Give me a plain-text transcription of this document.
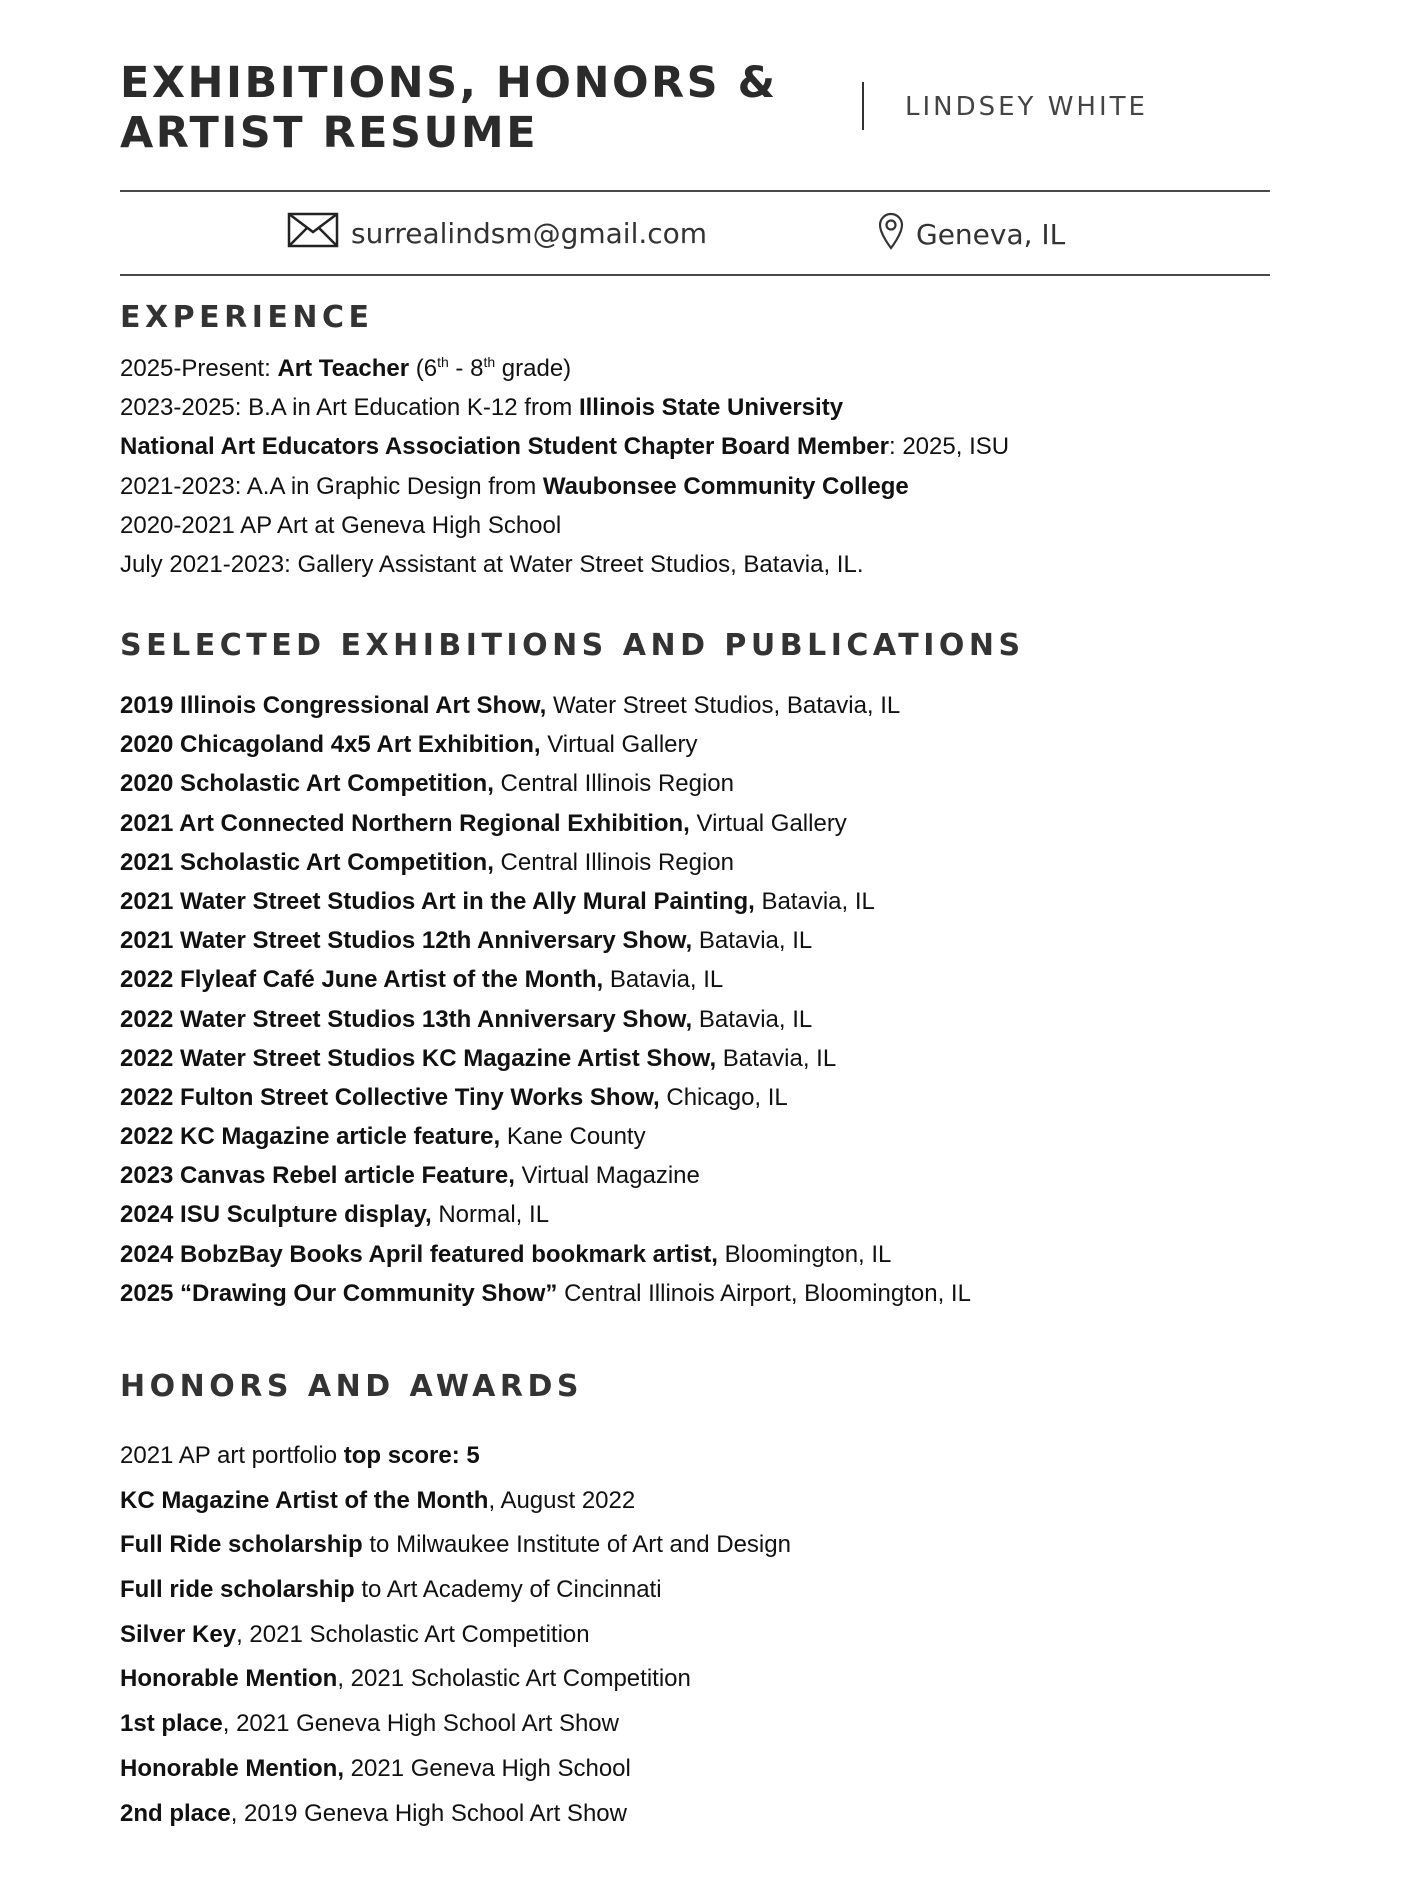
EXHIBITIONS, HONORS &
ARTIST RESUME
LINDSEY WHITE
surrealindsm@gmail.com	Geneva, IL
EXPERIENCE
2025-Present: Art Teacher (6th - 8th grade)
2023-2025: B.A in Art Education K-12 from Illinois State University
National Art Educators Association Student Chapter Board Member: 2025, ISU
2021-2023: A.A in Graphic Design from Waubonsee Community College
2020-2021 AP Art at Geneva High School
July 2021-2023: Gallery Assistant at Water Street Studios, Batavia, IL.
SELECTED EXHIBITIONS AND PUBLICATIONS
2019 Illinois Congressional Art Show, Water Street Studios, Batavia, IL
2020 Chicagoland 4x5 Art Exhibition, Virtual Gallery
2020 Scholastic Art Competition, Central Illinois Region
2021 Art Connected Northern Regional Exhibition, Virtual Gallery
2021 Scholastic Art Competition, Central Illinois Region
2021 Water Street Studios Art in the Ally Mural Painting, Batavia, IL
2021 Water Street Studios 12th Anniversary Show, Batavia, IL
2022 Flyleaf Café June Artist of the Month, Batavia, IL
2022 Water Street Studios 13th Anniversary Show, Batavia, IL
2022 Water Street Studios KC Magazine Artist Show, Batavia, IL
2022 Fulton Street Collective Tiny Works Show, Chicago, IL
2022 KC Magazine article feature, Kane County
2023 Canvas Rebel article Feature, Virtual Magazine
2024 ISU Sculpture display, Normal, IL
2024 BobzBay Books April featured bookmark artist, Bloomington, IL
2025 “Drawing Our Community Show” Central Illinois Airport, Bloomington, IL
HONORS AND AWARDS
2021 AP art portfolio top score: 5
KC Magazine Artist of the Month, August 2022
Full Ride scholarship to Milwaukee Institute of Art and Design
Full ride scholarship to Art Academy of Cincinnati
Silver Key, 2021 Scholastic Art Competition
Honorable Mention, 2021 Scholastic Art Competition
1st place, 2021 Geneva High School Art Show
Honorable Mention, 2021 Geneva High School
2nd place, 2019 Geneva High School Art Show
